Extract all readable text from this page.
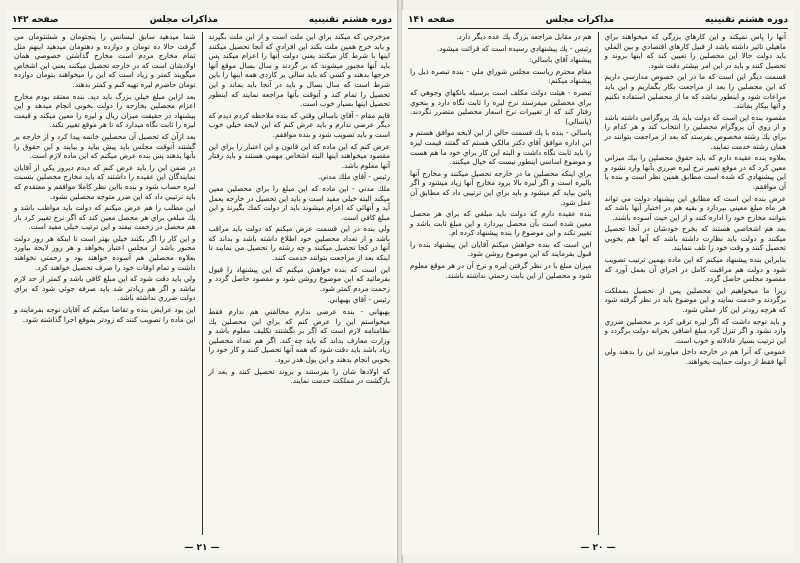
دوره هشتم تقنينيه
مذاكرات مجلس
صفحه ۱۴۲

مرخرجي كه ميكند براي اين ملت است و از اين ملت بگيرند و بابد خرج همين ملت بكند اين افرادي كه آنجا تحصيل ميكنند اينها با شرط كار ميكنند يعني دولت آنها را اعزام ميكند پس بايد آنها مجبور ميشوند كه بر گردند و سال بسال موقع آنها خرجها بدهند و كسي كه بايد سالي بر كاردي همه اينها را باين شرط است كه سال بسال و بايد در آنجا بايد بماند و اين تحصيل را تمام كند و آنوقت بآنها مراجعه نمايند كه اينطور تحصيل اينها بسيار خوب است.

قايم مقام - آقاي باسالي وقتي كه بنده ملاحظه كردم ديدم كه ديگر عرضي ندارم و بايد عرض كنم كه اين لايحه خيلي خوب است و بايد تصويب شود و بنده موافقم.

عرض كنم كه اين ماده كه اين قانون و اين اعتبار را براي اين مقصود ميخواهند اينها البته اشخاص مهمي هستند و بايد رفتار آنها معلوم باشد.

رئيس - آقاي ملك مدني.

ملك مدني - اين ماده كه اين مبلغ را براي محصلين معين ميكند البته خيلي مفيد است و بايد اين تحصيل در خارجه بعمل آيد و آنهائي كه اعزام ميشوند بايد از دولت كمك بگيرند و اين مبلغ كافي است.

ولي بنده در اين قسمت عرض ميكنم كه دولت بايد مراقب باشد و از تعداد محصلين خود اطلاع داشته باشد و بداند كه آنها در كجا تحصيل ميكنند و چه رشته را تحصيل مي نمايند تا اينكه بعد از مراجعت بتوانند خدمت كنند.

اين است كه بنده خواهش ميكنم كه اين پيشنهاد را قبول بفرمائيد كه اين موضوع روشن شود و مقصود حاصل گردد و زحمت مردم كمتر شود.

رئيس - آقاي بهبهاني.

بهبهاني - بنده عرضي ندارم مخالفتي هم ندارم فقط ميخواستم اين را عرض كنم كه براي اين محصلين يك نظامنامه لازم است كه اگر بر نگشتند تكليف معلوم باشد و وزارت معارف بداند كه بايد چه كند. اگر هم تعداد محصلين زياد باشد بايد دقت شود كه همه آنها تحصيل كنند و كار خود را بخوبي انجام بدهند و اين پول هدر نرود.

كه اولادها شان را بفرستند و بروند تحصيل كنند و بعد از بازگشت در مملكت خدمت نمايند.

شما ميدهيد سابق ليسانس را پنجتومان و ششتومان مي گرفت حالا ده تومان و دوازده و دهتومان ميدهيد اينهم مثل تمام مخارج مردم است مخارج گذاشتن خصوصي همان اولادشان است كه در خارجه تحصيل ميكنند يعني اين اشخاص ميگويند كمتر و زياد است كه اين را ميخواهند بتومان دوازده تومان حاضرم ليره تهيه كنم و كمتر بدهند.

بعد ازاين مبلغ خيلي بزرگ بايد ديد. بنده معتقد بودم مخارج اعزام محصلين بخارجه را دولت بخوبي انجام ميدهد و اين پيشنهاد در حقيقت ميزان ريال و ليره را معين ميكند و قيمت ليره را ثابت نگاه ميدارد كه تا هر موقع تغيير نكند.

بعد ازآن كه تحصيل آن محصلين خاتمه پيدا كرد و از خارجه بر گشتند آنوقت مجلس بايد پيش بيايد و بيايند و اين حقوق را بآنها بدهند پس بنده عرض ميكنم كه اين ماده لازم است.

در ضمن اين را بايد عرض كنم كه ديدم ديروز يكي از آقايان نمايندگان اين عقيده را داشتند كه بايد مخارج محصلين بنسبت ليره حساب شود و بنده بااين نظر كاملا موافقم و معتقدم كه بايد ترتيبي داد كه اين ضرر متوجه محصلين نشود.

اين مطلب را هم عرض ميكنم كه دولت بايد مواظب باشد و يك مبلغي براي هر محصل معين كند كه اگر نرخ تغيير كرد باز هم محصل در زحمت نيفتد و اين ترتيب خيلي مفيد است.

و اين كار را اگر بكنند خيلي بهتر است تا اينكه هر روز دولت مجبور باشد از مجلس اعتبار بخواهد و هر روز لايحه بياورد بعلاوه محصلين هم آسوده خواهند بود و زحمتي نخواهند داشت و تمام اوقات خود را صرف تحصيل خواهند كرد.

ولي بايد دقت شود كه اين مبلغ كافي باشد و كمتر از حد لازم نباشد و اگر هم زيادتر شد بايد صرفه جوئي شود كه براي دولت ضرري نداشته باشد.

اين بود عرايض بنده و تقاضا ميكنم كه آقايان توجه بفرمايند و اين ماده را تصويب كنند كه زودتر بموقع اجرا گذاشته شود.

— ۲۱ —
دوره هشتم تقنينيه
مذاكرات مجلس
صفحه ۱۴۱

آنها را پاس نميكند و اين كارهاي بزرگي كه ميخواهند براي ماهيلي تاثير داشته باشد از قبيل كارهاي اقتصادي و بين الملي بايد دولت حالا اين محصلين را تعيين كند كه اينها بروند و تحصيل كنند و بايد در اين امر بيشتر دقت شود.

قسمت ديگر اين است كه ما در اين خصوص مدارسي داريم كه اين محصلين را بعد از مراجعت بكار بگماريم و اين بايد مراعات شود و اينطور نباشد كه ما از محصلين استفاده نكنيم و آنها بيكار بمانند.

مقصود بنده اين است كه دولت بايد يك پروگرامي داشته باشد و از روي آن پروگرام محصلين را انتخاب كند و هر كدام را براي يك رشته مخصوص بفرستد كه بعد از مراجعت بتوانند در همان رشته خدمت نمايند.

بعلاوه بنده عقيده دارم كه بايد حقوق محصلين را بيك ميزاني معين كرد كه در موقع تغيير نرخ ليره ضرري بآنها وارد نشود و اين پيشنهادي كه شده است مطابق همين نظر است و بنده با آن موافقم.

عرض بنده اين است كه مطابق اين پيشنهاد دولت مي تواند هر ماه مبلغ معيني بپردازد و بقيه هم در اختيار آنها باشد كه بتوانند مخارج خود را اداره كنند و از اين حيث آسوده باشند.

بعد هم اشخاصي هستند كه بخرج خودشان در آنجا تحصيل ميكنند و دولت بايد نظارت داشته باشد كه آنها هم بخوبي تحصيل كنند و وقت خود را تلف ننمايند.

بنابراين بنده پيشنهاد ميكنم كه اين ماده بهمين ترتيب تصويب شود و دولت هم مراقبت كامل در اجراي آن بعمل آورد كه مقصود مجلس حاصل گردد.

زيرا ما ميخواهيم اين محصلين پس از تحصيل بمملكت برگردند و خدمت نمايند و اين موضوع بايد در نظر گرفته شود كه هرچه زودتر اين كار عملي شود.

و بايد توجه داشت كه اگر ليره ترقي كرد بر محصلين ضرري وارد نشود و اگر تنزل كرد مبلغ اضافي بخزانه دولت برگردد و اين ترتيب بسيار عادلانه و خوب است.

عمومي كه آنرا هم در خارجه داخل مياورند اين را بدهند ولي آنها فقط از دولت حمايت بخواهند.

هم در مقابل مراجعه بزرگ يك عده ديگر دارد.

رئيس - يك پيشنهادي رسيده است كه قرائت ميشود.

پيشنهاد آقاي باسالي:

مقام محترم رياست مجلس شوراي ملي - بنده تبصره ذيل را پيشنهاد ميكنم:

تبصره - هيئت دولت مكلف است برسيله بانكهاي وجوهي كه براي محصلين ميفرستد نرخ ليره را ثابت نگاه دارد و بنحوي رفتار كند كه از تغييرات نرخ اسعار محصلين متضرر نگردند. (پاسالي)

پاسالي - بنده با يك قسمت حالي از اين لايحه موافق هستم و اين اداره موافق آقاي دكتر مالكي هستم كه گفتند قيمت ليره را بايد ثابت نگاه داشت و البته اين كار براي خود ما هم هست و موضوع اساسي اينطور نيست كه خيال ميكنند.

براي اينكه محصلين ما در خارجه تحصيل ميكنند و مخارج آنها باليره است و اگر ليره بالا برود مخارج آنها زياد ميشود و اگر پائين بيايد كم ميشود و بايد براي اين ترتيبي داد كه مطابق آن عمل شود.

بنده عقيده دارم كه دولت بايد مبلغي كه براي هر محصل معين شده است بآن محصل بپردازد و اين مبلغ ثابت باشد و تغيير نكند و اين موضوع را بنده پيشنهاد كرده ام.

اين است كه بنده خواهش ميكنم آقايان اين پيشنهاد بنده را قبول بفرمايند كه اين موضوع روشن شود.

ميزان مبلغ با در نظر گرفتن ليره و نرخ آن در هر موقع معلوم شود و محصلين از اين بابت زحمتي نداشته باشند.

— ۲۰ —
